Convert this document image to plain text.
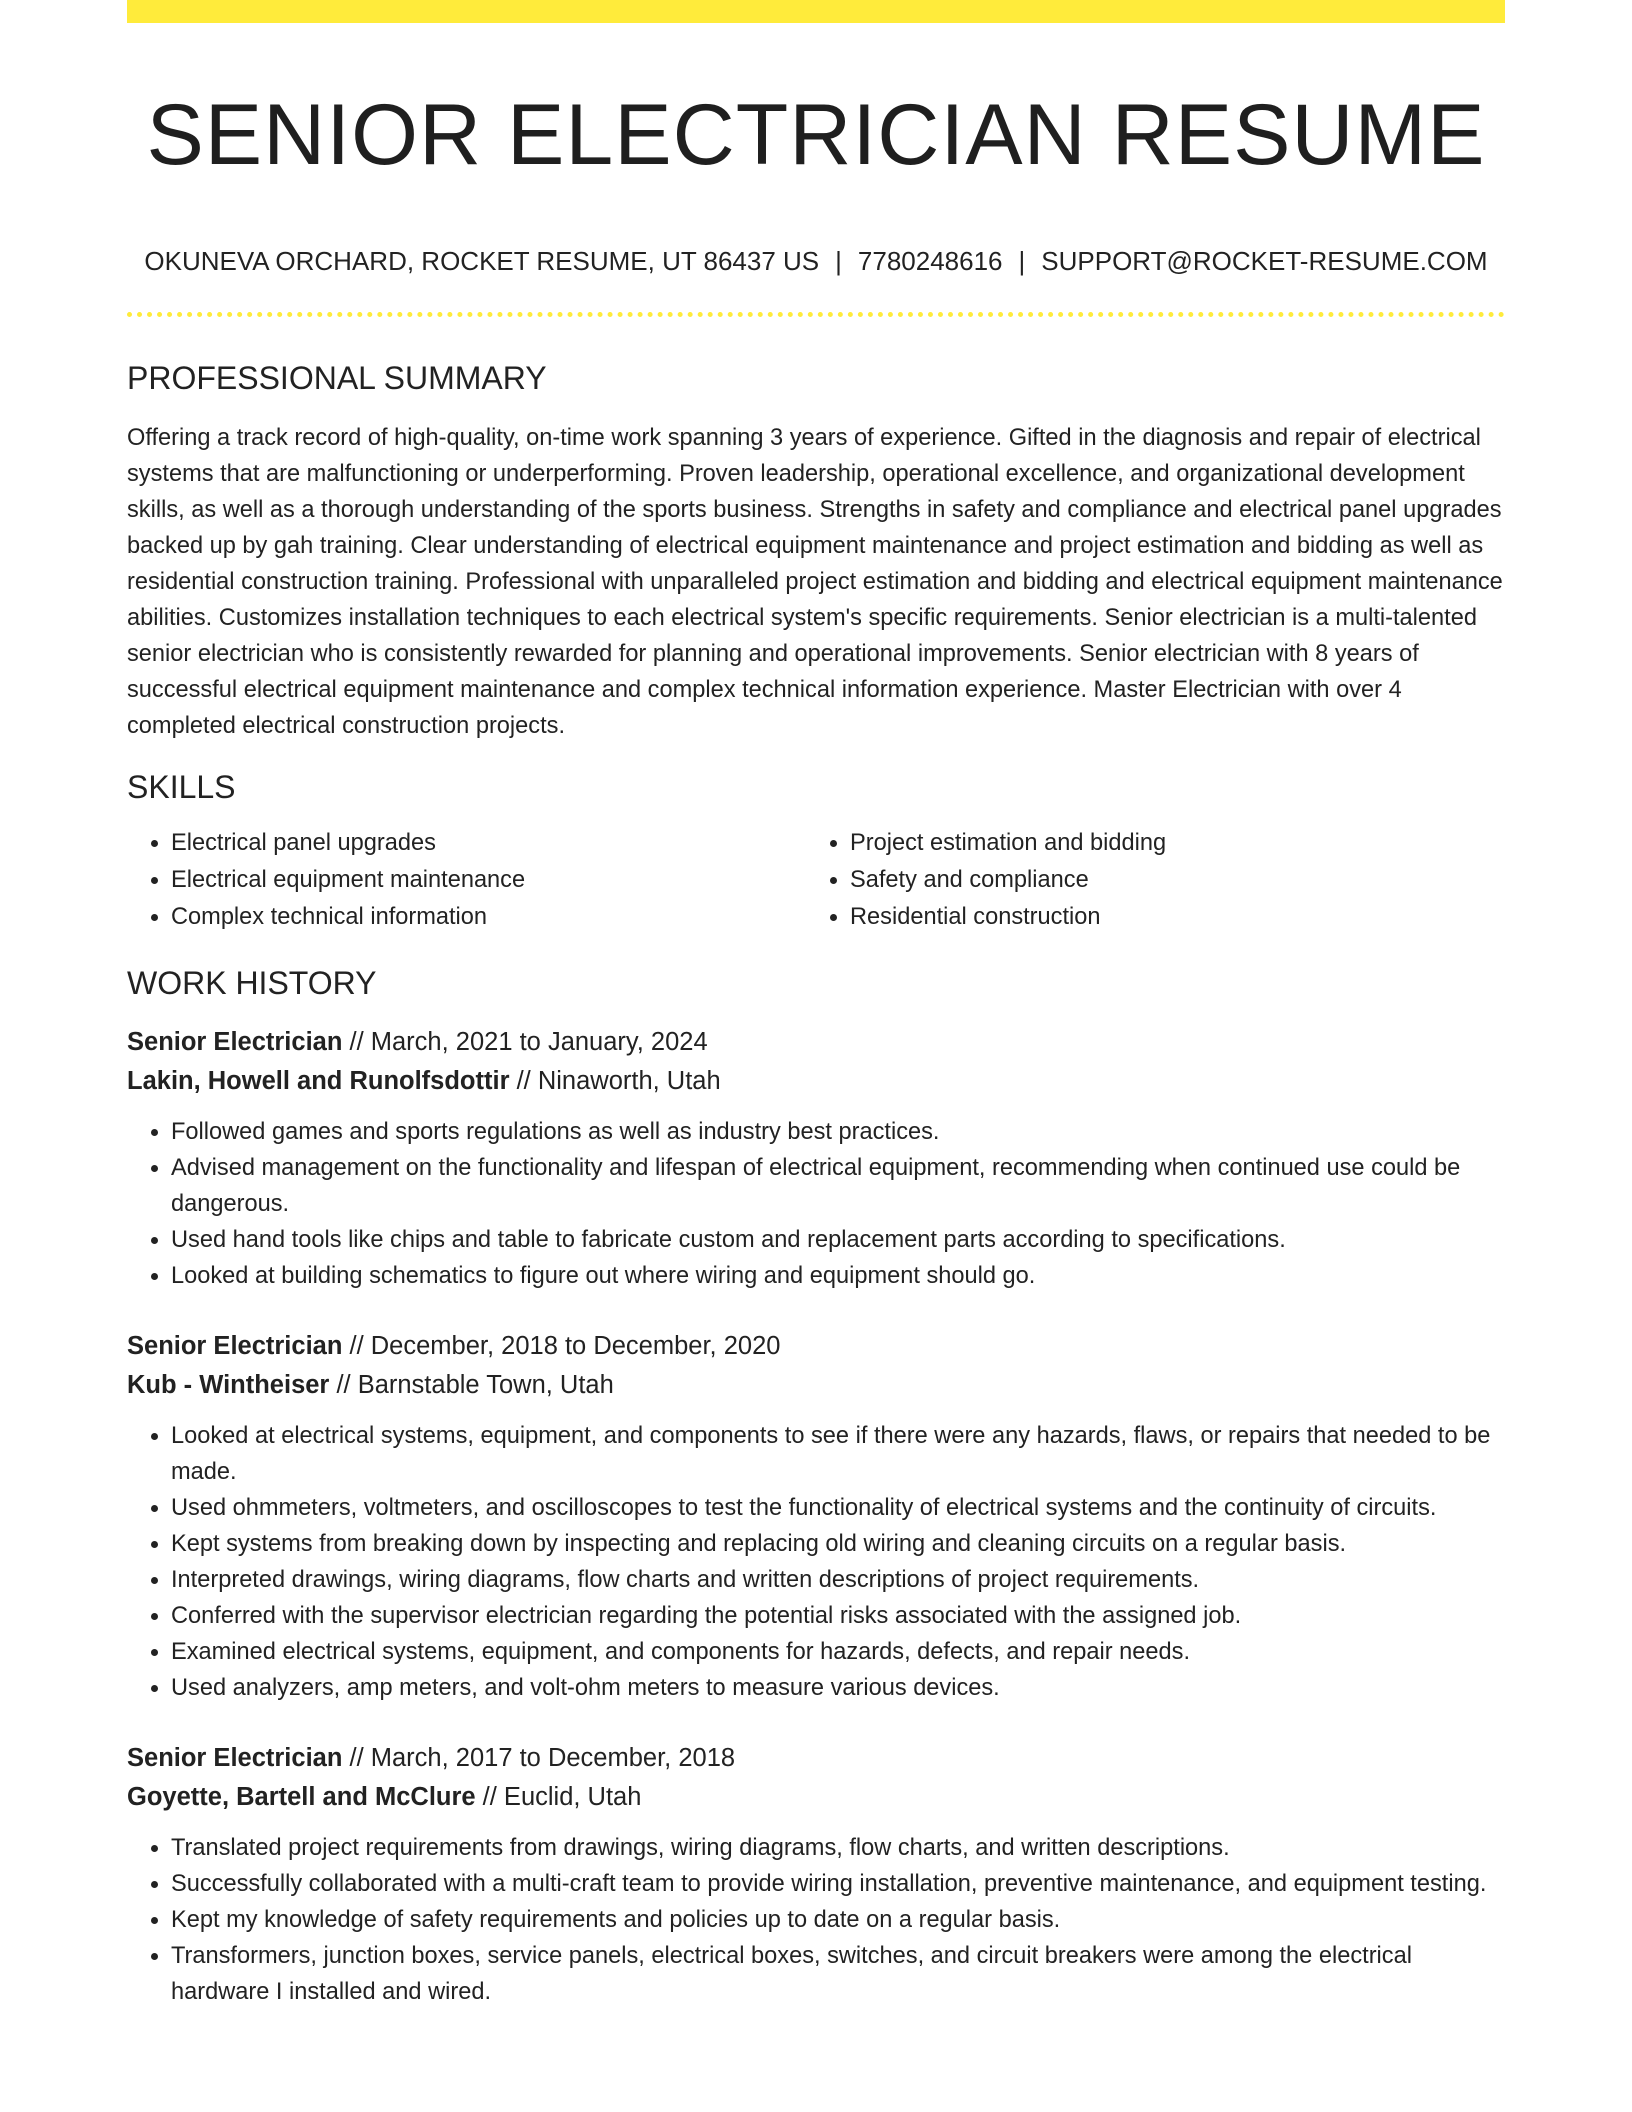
SENIOR ELECTRICIAN RESUME
OKUNEVA ORCHARD, ROCKET RESUME, UT 86437 US | 7780248616 | SUPPORT@ROCKET-RESUME.COM
PROFESSIONAL SUMMARY
Offering a track record of high-quality, on-time work spanning 3 years of experience. Gifted in the diagnosis and repair of electrical systems that are malfunctioning or underperforming. Proven leadership, operational excellence, and organizational development skills, as well as a thorough understanding of the sports business. Strengths in safety and compliance and electrical panel upgrades backed up by gah training. Clear understanding of electrical equipment maintenance and project estimation and bidding as well as residential construction training. Professional with unparalleled project estimation and bidding and electrical equipment maintenance abilities. Customizes installation techniques to each electrical system's specific requirements. Senior electrician is a multi-talented senior electrician who is consistently rewarded for planning and operational improvements. Senior electrician with 8 years of successful electrical equipment maintenance and complex technical information experience. Master Electrician with over 4 completed electrical construction projects.
SKILLS
• Electrical panel upgrades
• Electrical equipment maintenance
• Complex technical information
• Project estimation and bidding
• Safety and compliance
• Residential construction
WORK HISTORY
Senior Electrician // March, 2021 to January, 2024
Lakin, Howell and Runolfsdottir // Ninaworth, Utah
• Followed games and sports regulations as well as industry best practices.
• Advised management on the functionality and lifespan of electrical equipment, recommending when continued use could be dangerous.
• Used hand tools like chips and table to fabricate custom and replacement parts according to specifications.
• Looked at building schematics to figure out where wiring and equipment should go.
Senior Electrician // December, 2018 to December, 2020
Kub - Wintheiser // Barnstable Town, Utah
• Looked at electrical systems, equipment, and components to see if there were any hazards, flaws, or repairs that needed to be made.
• Used ohmmeters, voltmeters, and oscilloscopes to test the functionality of electrical systems and the continuity of circuits.
• Kept systems from breaking down by inspecting and replacing old wiring and cleaning circuits on a regular basis.
• Interpreted drawings, wiring diagrams, flow charts and written descriptions of project requirements.
• Conferred with the supervisor electrician regarding the potential risks associated with the assigned job.
• Examined electrical systems, equipment, and components for hazards, defects, and repair needs.
• Used analyzers, amp meters, and volt-ohm meters to measure various devices.
Senior Electrician // March, 2017 to December, 2018
Goyette, Bartell and McClure // Euclid, Utah
• Translated project requirements from drawings, wiring diagrams, flow charts, and written descriptions.
• Successfully collaborated with a multi-craft team to provide wiring installation, preventive maintenance, and equipment testing.
• Kept my knowledge of safety requirements and policies up to date on a regular basis.
• Transformers, junction boxes, service panels, electrical boxes, switches, and circuit breakers were among the electrical hardware I installed and wired.
